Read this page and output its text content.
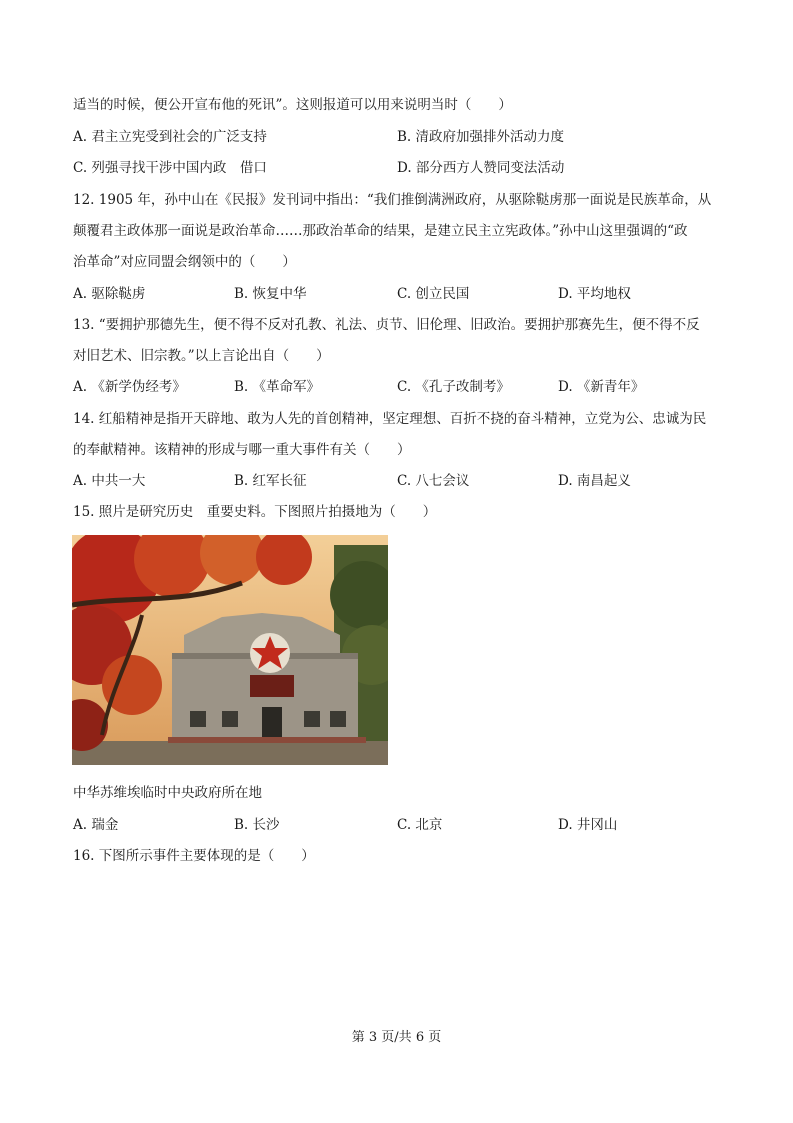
适当的时候，便公开宣布他的死讯”。这则报道可以用来说明当时（　　）
A. 君主立宪受到社会的广泛支持	B. 清政府加强排外活动力度
C. 列强寻找干涉中国内政　借口	D. 部分西方人赞同变法活动
12. 1905 年，孙中山在《民报》发刊词中指出：“我们推倒满洲政府，从驱除鞑虏那一面说是民族革命，从
颠覆君主政体那一面说是政治革命……那政治革命的结果，是建立民主立宪政体。”孙中山这里强调的“政
治革命”对应同盟会纲领中的（　　）
A. 驱除鞑虏	B. 恢复中华	C. 创立民国	D. 平均地权
13. “要拥护那德先生，便不得不反对孔教、礼法、贞节、旧伦理、旧政治。要拥护那赛先生，便不得不反
对旧艺术、旧宗教。”以上言论出自（　　）
A. 《新学伪经考》	B. 《革命军》	C. 《孔子改制考》	D. 《新青年》
14. 红船精神是指开天辟地、敢为人先的首创精神，坚定理想、百折不挠的奋斗精神，立党为公、忠诚为民
的奉献精神。该精神的形成与哪一重大事件有关（　　）
A. 中共一大	B. 红军长征	C. 八七会议	D. 南昌起义
15. 照片是研究历史　重要史料。下图照片拍摄地为（　　）
中华苏维埃临时中央政府所在地
A. 瑞金	B. 长沙	C. 北京	D. 井冈山
16. 下图所示事件主要体现的是（　　）
第 3 页/共 6 页
